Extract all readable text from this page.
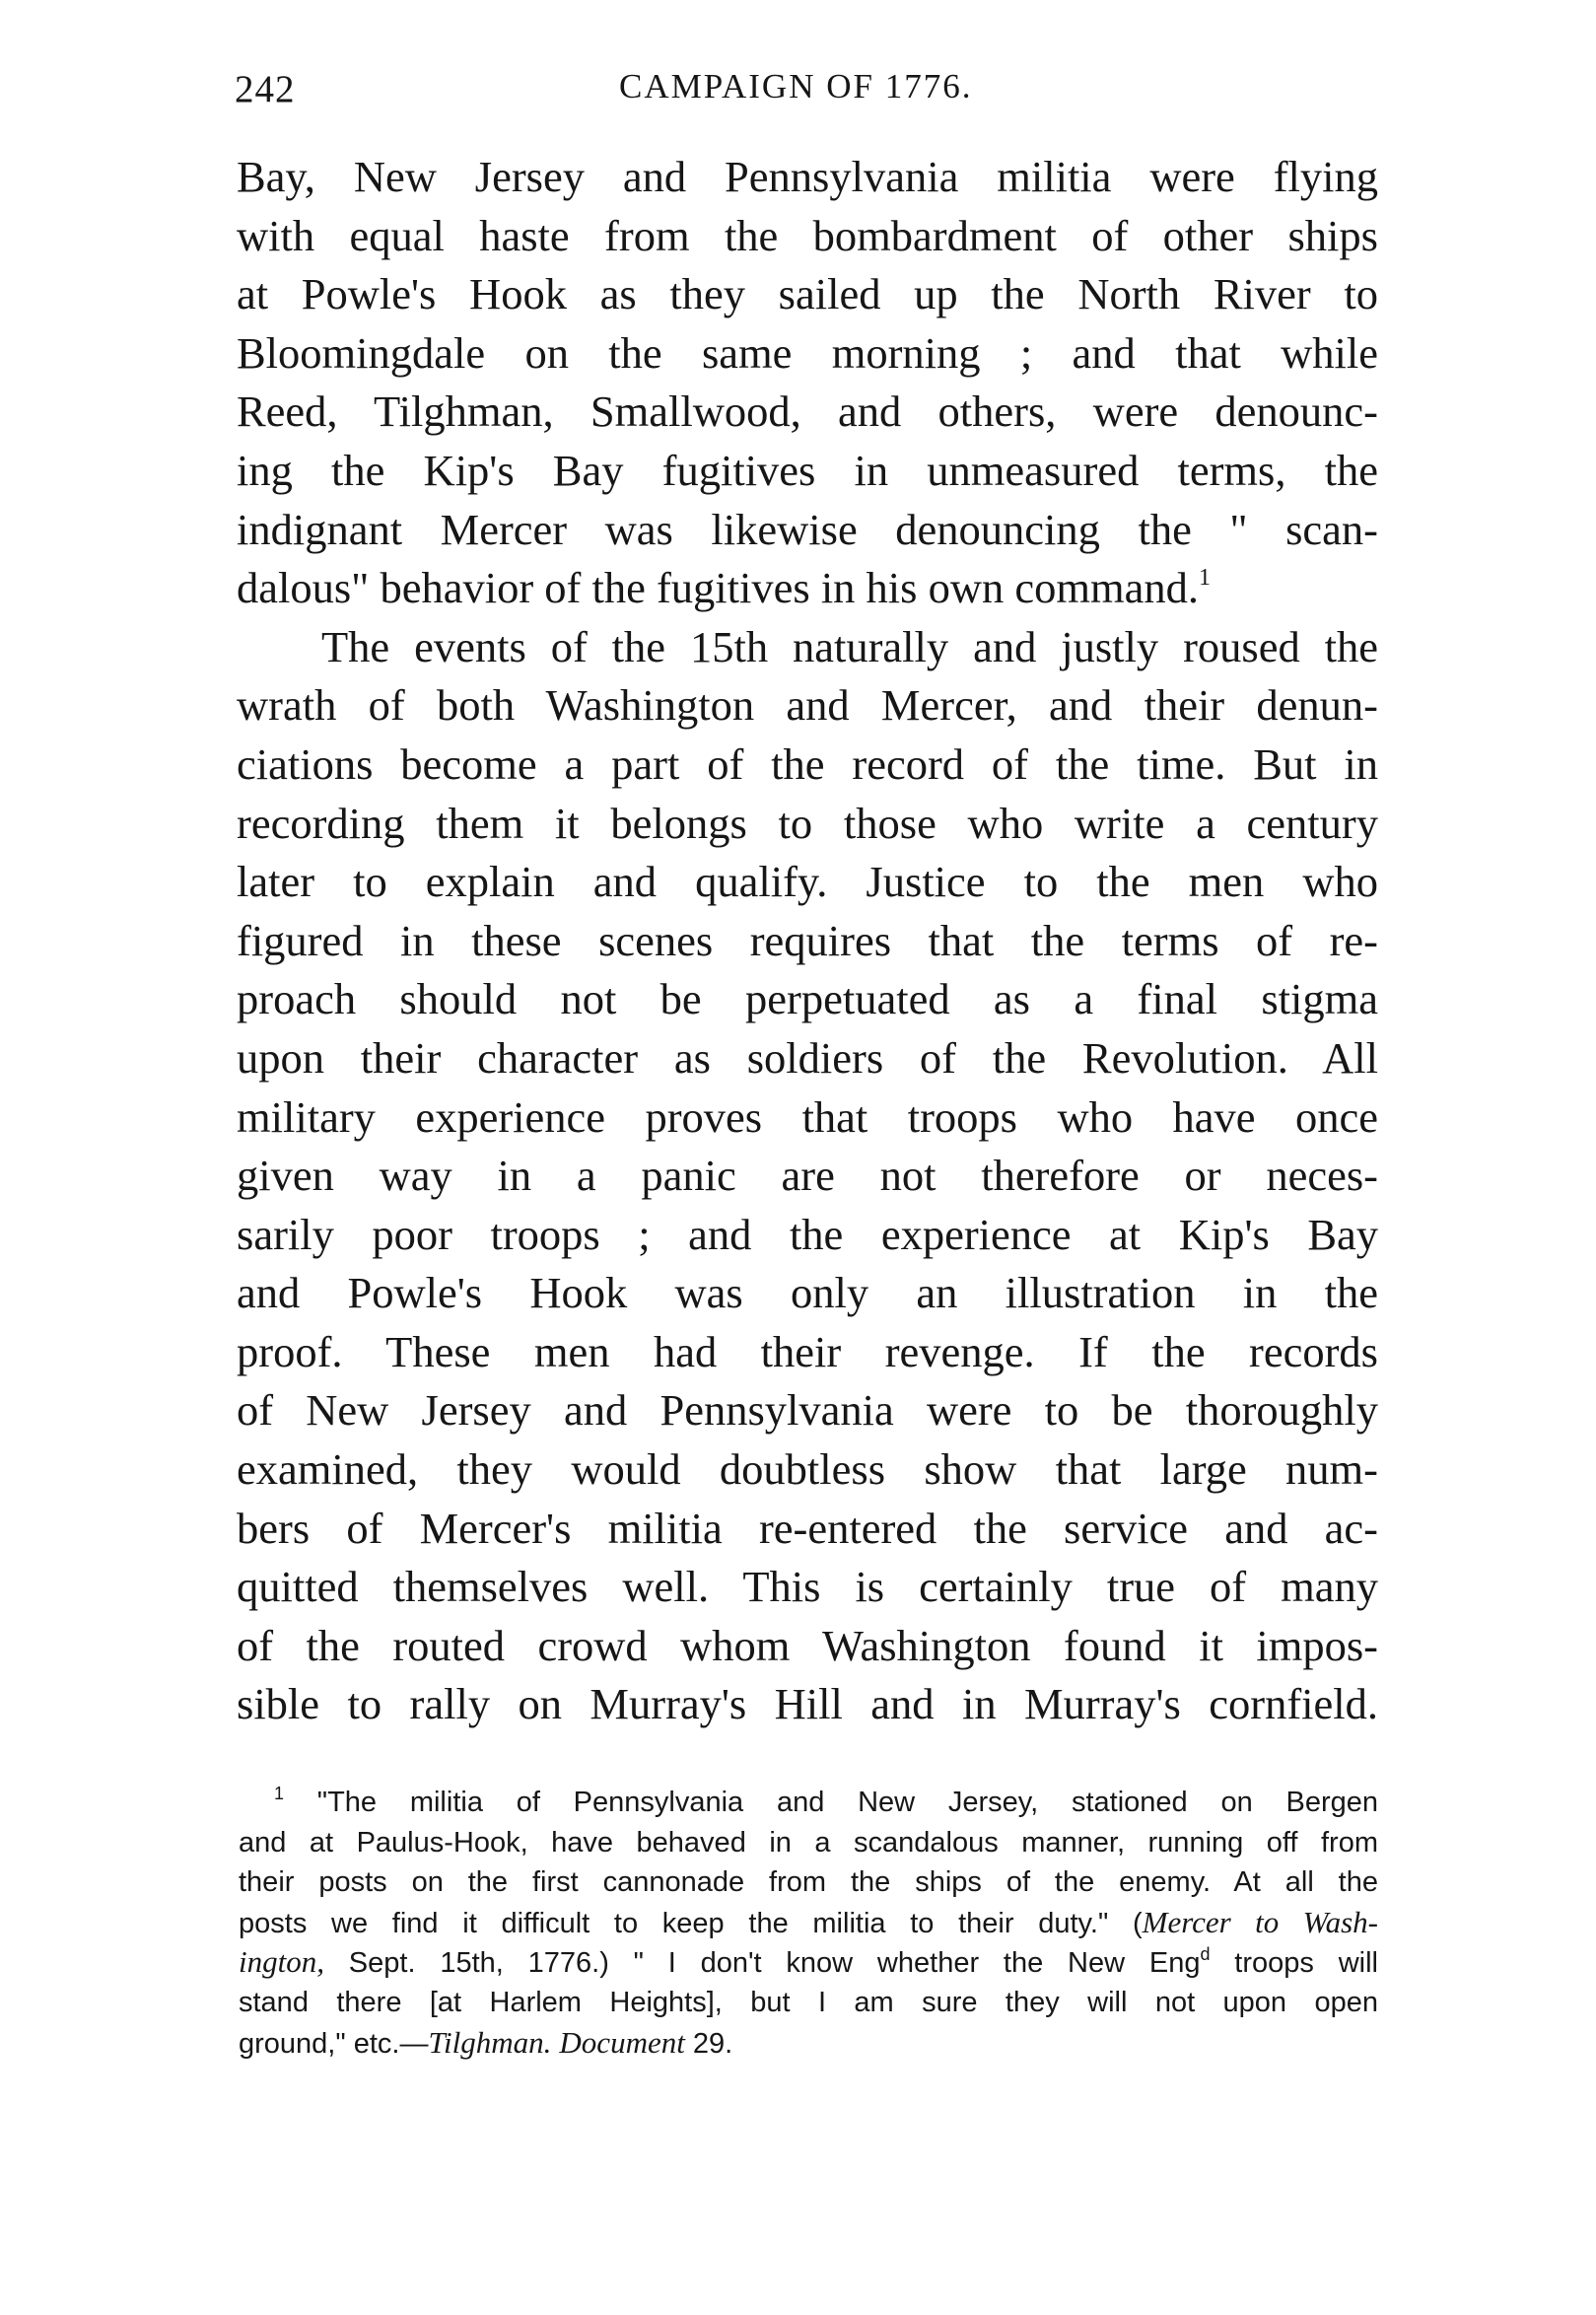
242	CAMPAIGN OF 1776.
Bay, New Jersey and Pennsylvania militia were flying
with equal haste from the bombardment of other ships
at Powle's Hook as they sailed up the North River to
Bloomingdale on the same morning ; and that while
Reed, Tilghman, Smallwood, and others, were denounc-
ing the Kip's Bay fugitives in unmeasured terms, the
indignant Mercer was likewise denouncing the " scan-
dalous" behavior of the fugitives in his own command.$^1$
The events of the 15th naturally and justly roused the
wrath of both Washington and Mercer, and their denun-
ciations become a part of the record of the time. But in
recording them it belongs to those who write a century
later to explain and qualify. Justice to the men who
figured in these scenes requires that the terms of re-
proach should not be perpetuated as a final stigma
upon their character as soldiers of the Revolution. All
military experience proves that troops who have once
given way in a panic are not therefore or neces-
sarily poor troops ; and the experience at Kip's Bay
and Powle's Hook was only an illustration in the
proof. These men had their revenge. If the records
of New Jersey and Pennsylvania were to be thoroughly
examined, they would doubtless show that large num-
bers of Mercer's militia re-entered the service and ac-
quitted themselves well. This is certainly true of many
of the routed crowd whom Washington found it impos-
sible to rally on Murray's Hill and in Murray's cornfield.
$^1$ "The militia of Pennsylvania and New Jersey, stationed on Bergen
and at Paulus-Hook, have behaved in a scandalous manner, running off from
their posts on the first cannonade from the ships of the enemy. At all the
posts we find it difficult to keep the militia to their duty." (Mercer to Wash-
ington, Sept. 15th, 1776.) " I don't know whether the New Eng$^d$ troops will
stand there [at Harlem Heights], but I am sure they will not upon open
ground," etc.—Tilghman. Document 29.
